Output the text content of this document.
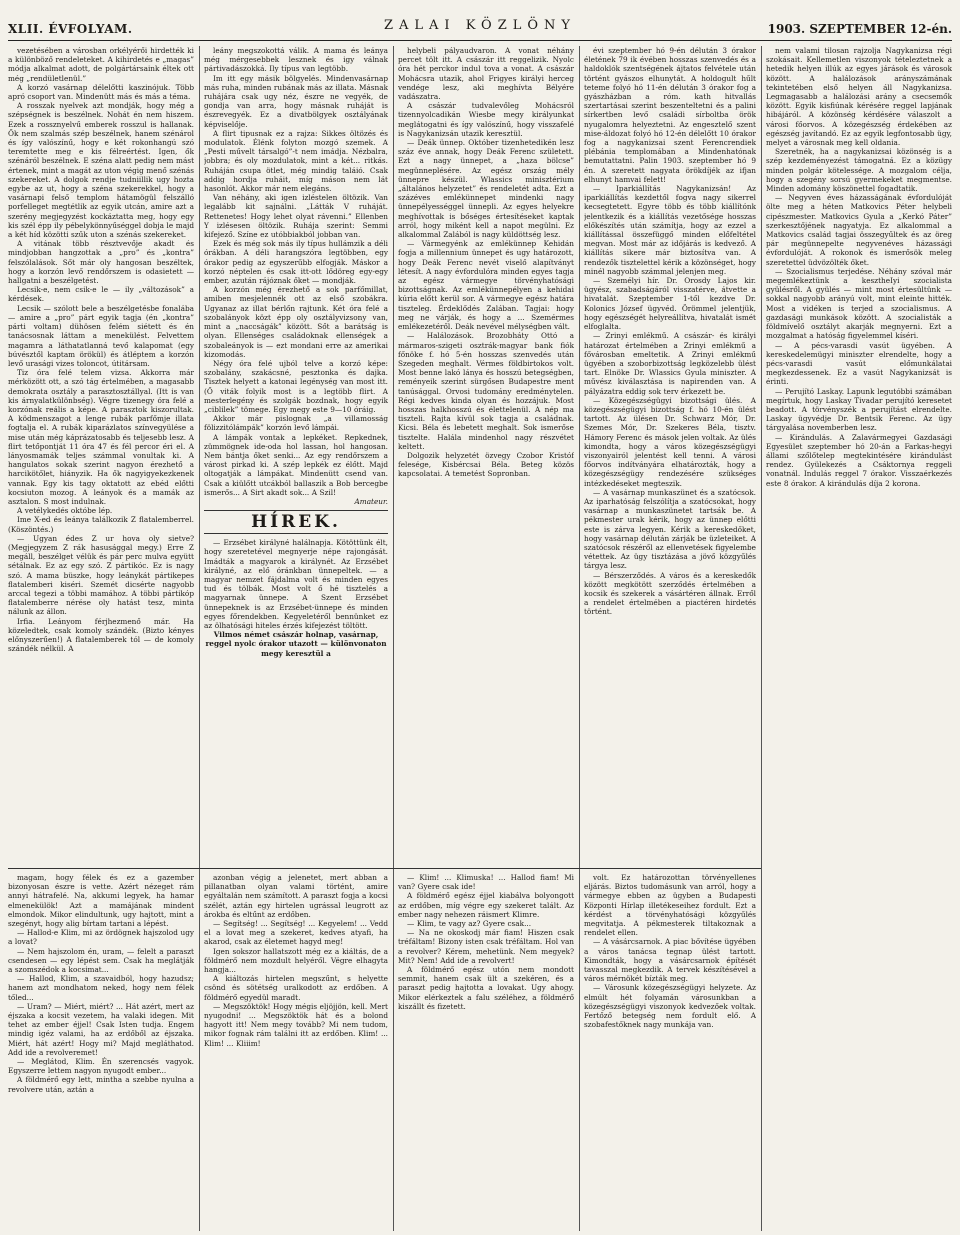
XLII. ÉVFOLYAM.	ZALAI KÖZLÖNY	1903. SZEPTEMBER 12-én.

vezetésében a városban orkélyérői hirdették ki a különböző rendeleteket. A kihirdetés e „magas” módja alkalmat adott, de polgártársaink éltek ott még „rendületlenül.”

A korzó vasárnap délelőtti kaszinójuk. Több apró csoport van. Mindenütt más és más a téma.

A rosszak nyelvek azt mondják, hogy még a szépségnek is beszélnek. Nohát én nem hiszem. Ezek a rossznyelvű emberek rosszul is hallanak. Ők nem szalmás szép beszélnek, hanem szénárol és így valószínű, hogy e két rokonhangú szó teremtette meg e kis félreértést. Igen, ők szénáról beszélnek. E széna alatt pedig nem mást értenek, mint a magát az uton végig menő szénás szekereket. A dolgok rendje tudniillik ugy hozta egybe az ut, hogy a széna szekerekkel, hogy a vasárnapi felső templom hátamögül felszálló porfelleget megtétlik az egyik utcán, amire azt a szerény megjegyzést kockáztatta meg, hogy egy kis szél épp ily pébelykönnyűséggel dobja le majd a két híd közötti szűk uton a szénás szekereket.

A vitának több résztvevője akadt és mindjobban hangzottak a „pro” és „kontra” felszólalások. Sőt már oly hangosan beszéltek, hogy a korzón levő rendőrszem is odasietett — hallgatni a beszélgetést.

Lecsik-e, nem csik-e le — ily „változások” a kérdések.

Lecsik — szólott bele a beszélgetésbe fonalába — amire a „pro” párt egyik tagja (én „kontra” párti voltam) dühösen felém siétett és én tanácsosnak láttam a menekülést. Felvettem magamra a láthatatlanná tevő kalapomat (egy búvésztől kaptam örökül) és átléptem a korzón levő urasági vizes toloncot, útitársam.

Tiz óra felé telem vizsa. Akkorra már mérközött ott, a szó tág értelmében, a magasabb demokrata osztály a parasztosztállyal. (Itt is van kis árnyalatkülönbség). Végre tizenegy óra felé a korzónak reális a képe. A parasztok kiszorultak. A ködmenszagot a lenge rubák parfőmje illata fogtalja el. A rubák kiparázlatos színvegyülése a mise után még káprázatosabb és teljesebb lesz. A flirt tetőpontját 11 óra 47 és fél percor éri el. A lányosmamák teljes számmal vonultak ki. A hangulatos sokak szerint nagyon érezhető a harcikötőlet, hiányzik. Ha ők nagyigyekezkenek vannak. Egy kis tagy oktatott az ebéd előtti kocsiuton mozog. A leányok és a mamák az asztalon. S most indulnak.

A vetélykedés októbe lép.

Ime X-ed és leánya találkozik Z flatalemberrel. (Köszöntés.)

— Ugyan édes Z ur hova oly sietve? (Megjegyzem Z rák hasusággal megy.) Erre Z megáll, beszélget vélük és pár perc mulva együtt sétálnak. Ez az egy szó. Z pártikóc. Ez is nagy szó. A mama büszke, hogy leánykát pártikepes flatalemberi kiséri. Szemét dicsérte nagyobb arccal tegezi a többi mamához. A többi pártikóp flatalemberre nérése oly hatást tesz, minta nálunk az állon.

Irfia. Leányom férjhezmenő már. Ha közeledtek, csak komoly szándék. (Bizto kényes előnyszerűen!) A flatalemberek tól — de komoly szándék nélkül. A

leány megszokottá válik. A mama és leánya még mérgesebbek lesznek és igy válnak pártivadászokká. Ily típus van legtöbb.

Im itt egy másik bölgyelés. Mindenvasárnap más ruha, minden rubának más az illata. Másnak ruhájára csak ugy néz, észre ne vegyék, de gondja van arra, hogy másnak ruháját is észrevegyék. Ez a divatbölgyek osztályának képviselője.

A flirt tipusnak ez a rajza: Sikkes öltözés és modulatok. Élénk folyton mozgó szemek. A „Pesti művelt társalgó”-t nem imádja. Nézbalra, jobbra; és oly mozdulatok, mint a két... ritkás. Ruháján csupa ötlet, még mindig taláió. Csak addig hordja ruháit, míg máson nem lát hasonlót. Akkor már nem elegáns.

Van néhány, aki igen izléstelen öltözik. Van legalább kit sajnálni. „Látták V ruháját. Rettenetes! Hogy lehet olyat rávenni.” Ellenben Y izlésesen öltözik. Ruhája szerint: Semmi kifejező. Színe ez utóbbiakból jobban van.

Ezek és még sok más ily típus hullámzik a déli órákban. A déli harangszóra legtöbben, egy órakor pedig az egyszerűbb elfogják. Máskor a korzó néptelen és csak itt-ott lődöreg egy-egy ember, azután rájóznak őket — mondják.

A korzón még érezhető a sok parfőmillat, amiben mesjelennék ott az első szobákra. Ugyanaz az illat bérlőn rajtunk. Két óra felé a szobalányok közt épp oly osztályvizsony van, mint a „naccságák” között. Sőt a barátság is olyan. Ellenséges családoknak ellenségek a szobaleányok is — ezt mondani erre az amerikai kizomodás.

Négy óra felé ujból telve a korzó képe: szobalány, szakácsné, pesztonka és dajka. Tisztek helyett a katonai legénység van most itt. (Ő viták folyik most is a legtöbb flirt. A mesterlegény és szolgák bozdnak, hogy egyik „ciblilek” tömege. Egy megy este 9—10 óráig.

Akkor már pislognak „a villamosság fölizzitólámpák” korzón levő lámpái.

A lámpák vontak a lepkéket. Repkednek, zümmögnek ide-oda hol lassan, hol hangosan. Nem bántja őket senki... Az egy rendőrszem a várost pirkad ki. A szép lepkék ez élőtt. Majd oltogatják a lámpákat. Mindenütt csend van. Csak a kiülőtt utcákból ballaszik a Bob bercegbe ismerős... A Sirt akadt sok... A Szil!

Amateur.

HÍREK.

— Erzsébet királyné halálnapja. Kötöttünk élt, hogy szeretetével megnyerje népe rajongását. Imádták a magyarok a királynét. Az Erzsébet királyné, az elő óránkban ünnepeltek. — a magyar nemzet fájdalma volt és minden egyes tud és tölbák. Most volt ő hé tisztelés a magyarnak ünnepe. A Szent Erzsébet ünnepeknek is az Erzsébet-ünnepe és minden egyes főrendekben. Kegyeletéről bennünket ez az ölhatósági hiteles érzés kifejezést töltött.

Vilmos német császár holnap, vasárnap, reggel nyolc órakor utazott — különvonaton megy keresztül a

helybeli pályaudvaron. A vonat néhány percet tölt itt. A császár itt reggelizik. Nyolc óra hét perckor indul tova a vonat. A császár Mohácsra utazik, ahol Frigyes királyi herceg vendége lesz, aki meghívta Bélyére vadászatra.

A császár tudvalevőleg Mohácsról tizennyolcadikán Wiesbe megy királyunkat meglátogatni és így valószínű, hogy visszafelé is Nagykanizsán utazik keresztül.

— Deák ünnep. Október tizenhetedikén lesz száz éve annak, hogy Deák Ferenc született. Ezt a nagy ünnepet, a „haza bölcse” megünneplésére. Az egész ország mély ünnepre készül. Wlassics minisztérium „általános helyzetet” és rendeletét adta. Ezt a százéves emlékünnepet mindenki nagy ünnepélyességgel ünnepli. Az egyes helyekre meghívottak is bőséges értesítéseket kaptak arról, hogy miként kell a napot megülni. Ez alkalommal Zalából is nagy küldöttség lesz.

— Vármegyénk az emlékünnep Kehidán fogja a millennium ünnepet és ugy határozott, hogy Deák Ferenc nevét viselő alapítványt létesít. A nagy évfordulóra minden egyes tagja az egész vármegye törvényhatósági bizottságnak. Az emlékünnepélyen a kehidai kúria előtt kerül sor. A vármegye egész határa tiszteleg. Érdeklődés Zalában. Tagjai: hogy meg ne várják, és hogy a ... Szemérmes emlékezetéről. Deák nevével mélységben vált.

— Halálozások. Brozobháty Ottó a mármaros-szigeti osztrák-magyar bank fiók főnöke f. hó 5-én hosszas szenvedés után Szegeden meghalt. Vérmes földbirtokos volt. Most benne lakó lánya és hosszú betegségben, reményeik szerint sürgősen Budapestre ment tanúsággal. Orvosi tudomány eredménytelen. Régi kedves kinda olyan és hozzájuk. Most hosszas halkhosszú és élettelenül. A nép ma tiszteli. Rajta kívül sok tagja a családnak. Kicsi. Béla és lebetett meghalt. Sok ismerőse tisztelte. Halála mindenhol nagy részvétet keltett.

Dolgozik helyzetét özvegy Czobor Kristóf felesége, Kisbércsai Béla. Beteg közös kapcsolatai. A temetést Sopronban.

évi szeptember hó 9-én délután 3 órakor életének 79 ik évében hosszas szenvedés és a haldoklók szentségének ájtatos felvétele után történt gyászos elhunytát. A holdogult hűlt teteme folyó hó 11-én délután 3 órakor fog a gyászházban a róm. kath hitvallás szertartásai szerint beszenteltetni és a palini sírkertben levő családi sírboltba örök nyugalomra helyeztetni. Az engesztelő szent mise-áldozat folyó hó 12-én délelőtt 10 órakor fog a nagykanizsai szent Ferencrendiek plébánia templomában a Mindenhatónak bemutattatni. Palin 1903. szeptember hó 9 én. A szeretett nagyata örökdíjék az ifjan elhunyt hamvai felett!

— Iparkiállítás Nagykanizsán! Az iparkiállítás kezdettől fogva nagy sikerrel kecsegtetett. Egyre több és több kiállítónk jelentkezik és a kiállítás vezetősége hosszas előkészítés után számítja, hogy az ezzel a kiállítással összefüggő minden előfeltétel megvan. Most már az időjárás is kedvező. A kiállítás sikere már biztosítva van. A rendezők tisztelettel kérik a közönséget, hogy minél nagyobb számmal jelenjen meg.

— Személyi hír. Dr. Orosdy Lajos kir. ügyész, szabadságáról visszatérve, átvette a hivatalát. Szeptember 1-től kezdve Dr. Kolonics József ügyvéd. Örömmel jelentjük, hogy egészségét helyreállítva, hivatalát ismét elfoglalta.

— Zrinyi emlékmű. A császár- és királyi határozat értelmében a Zrinyi emlékmű a fővárosban emeltetik. A Zrinyi emlékmű ügyében a szoborbizottság legközelebb ülést tart. Elnöke Dr. Wlassics Gyula miniszter. A művész kiválasztása is napirenden van. A pályázatra eddig sok terv érkezett be.

— Közegészségügyi bizottsági ülés. A közegészségügyi bizottság f. hó 10-én ülést tartott. Az ülésen Dr. Schwarz Mór, Dr. Szemes Mór, Dr. Szekeres Béla, tisztv. Hámory Ferenc és mások jelen voltak. Az ülés kimondta, hogy a város közegészségügyi viszonyairól jelentést kell tenni. A városi főorvos indítványára elhatározták, hogy a közegészségügy rendezésére szükséges intézkedéseket megteszik.

— A vasárnap munkaszünet és a szatócsok. Az iparhatóság felszólítja a szatócsokat, hogy vasárnap a munkaszünetet tartsák be. A pékmester urak kérik, hogy az ünnep előtti este is zárva legyen. Kérik a kereskedőket, hogy vasárnap délután zárják be üzleteiket. A szatócsok részéről az ellenvetések figyelembe vétettek. Az ügy tisztázása a jövő közgyűlés tárgya lesz.

— Bérszerződés. A város és a kereskedők között megkötött szerződés értelmében a kocsik és szekerek a vásártéren állnak. Erről a rendelet értelmében a piactéren hirdetés történt.

nem valami tilosan rajzolja Nagykanizsa régi szokásait. Kellemetlen viszonyok tételeztetnek a hetedik helyen illúk az egyes járások és városok között. A halálozások arányszámának tekintetében első helyen áll Nagykanizsa. Legmagasabb a halálozási arány a csecsemők között. Egyik kisfiúnak kérésére reggel lapjának hibájáról. A közönség kérdésére válaszolt a városi főorvos. A közegészség érdekében az egészség javítandó. Ez az egyik legfontosabb ügy, melyet a városnak meg kell oldania.

Szeretnék, ha a nagykanizsai közönség is a szép kezdeményezést támogatná. Ez a közügy minden polgár kötelessége. A mozgalom célja, hogy a szegény sorsú gyermekeket megmentse. Minden adomány köszönettel fogadtatik.

— Negyven éves házasságának évfordulóját ölte meg a héten Matkovics Péter helybeli cipészmester. Matkovics Gyula a „Kerkó Páter” szerkesztőjének nagyatyja. Ez alkalommal a Matkovics család tagjai összegyűltek és az öreg pár megünnepelte negyvenéves házassági évfordulóját. A rokonok és ismerősök meleg szeretettel üdvözölték őket.

— Szocialismus terjedése. Néhány szóval már megemlékeztünk a kesztheIyi szocialista gyülésről. A gyülés — mint most értesültünk — sokkal nagyobb arányú volt, mint eleinte hitték. Most a vidéken is terjed a szocialismus. A gazdasági munkások között. A szocialisták a földmívelő osztályt akarják megnyerni. Ezt a mozgalmat a hatóság figyelemmel kíséri.

— A pécs-varasdi vasút ügyében. A kereskedelemügyi miniszter elrendelte, hogy a pécs-varasdi vasút előmunkálatai megkezdessenek. Ez a vasút Nagykanizsát is érinti.

— Perujító Laskay. Lapunk legutóbbi számában megírtuk, hogy Laskay Tivadar perujító keresetet beadott. A törvényszék a perujítást elrendelte. Laskay ügyvédje Dr. Bentsik Ferenc. Az ügy tárgyalása novemberben lesz.

— Kirándulás. A Zalavármegyei Gazdasági Egyesület szeptember hó 20-án a Farkas-hegyi állami szőlőtelep megtekintésére kirándulást rendez. Gyülekezés a Csáktornya reggeli vonatnál. Indulás reggel 7 órakor. Visszaérkezés este 8 órakor. A kirándulás díja 2 korona.

magam, hogy félek és ez a gazember bizonyosan észre is vette. Azért nézeget rám annyi hátrafelé. Na, akkumi legyek, ha hamar elmenekülök! Azt a mamájának mindent elmondok. Mikor elindultunk, ugy hajtott, mint a szegényt, hogy alig bírtam tartani a lépést.

— Hallod-e Klim, mi az ördögnek hajszolod ugy a lovat?

— Nem hajszolom én, uram, — felelt a paraszt csendesen — egy lépést sem. Csak ha meglátják a szomszédok a kocsimat...

— Hallod, Klim, a szavaidból, hogy hazudsz; hanem azt mondhatom neked, hogy nem félek tőled...

— Uram? — Miért, miért? ... Hát azért, mert az éjszaka a kocsit vezetem, ha valaki idegen. Mit tehet az ember éjjel! Csak Isten tudja. Engem mindig igéz valami, ha az erdőből az éjszaka. Miért, hát azért! Hogy mi? Majd megláthatod. Add ide a revolveremet!

— Meglátod, Klim. Én szerencsés vagyok. Egyszerre lettem nagyon nyugodt ember...

A földmérő egy lett, mintha a szebbe nyulna a revolvere után, aztán a

azonban végig a jelenetet, mert abban a pillanatban olyan valami történt, amire egyáltalán nem számított. A paraszt fogja a kocsi szélét, aztán egy hirtelen ugrással leugrott az árokba és eltűnt az erdőben.

— Segítség! ... Segítség! ... Kegyelem! ... Vedd el a lovat meg a szekeret, kedves atyafi, ha akarod, csak az életemet hagyd meg!

Igen sokszor hallatszott még ez a kiáltás, de a földmérő nem mozdult helyéről. Végre elhagyta hangja...

A kiáltozás hirtelen megszűnt, s helyette csönd és sötétség uralkodott az erdőben. A földmérő egyedül maradt.

— Megszöktök! Hogy mégis eljöjjön, kell. Mert nyugodni! ... Megszöktök hát és a bolond hagyott itt! Nem megy tovább? Mi nem tudom, mikor fognak rám találni itt az erdőben. Klim! ... Klim! ... Kliiim!

— Klim! ... Klimuska! ... Hallod fiam! Mi van? Gyere csak ide!

A földmérő egész éjjel kiabálva bolyongott az erdőben, míg végre egy szekeret talált. Az ember nagy nehezen ráismert Klimre.

— Klim, te vagy az? Gyere csak...

— Na ne okoskodj már fiam! Hiszen csak tréfáltam! Bizony isten csak tréfáltam. Hol van a revolver? Kérem, mehetünk. Nem megyek? Mit? Nem! Add ide a revolvert!

A földmérő egész utón nem mondott semmit, hanem csak ült a szekéren, és a paraszt pedig hajtotta a lovakat. Ugy ahogy. Mikor elérkeztek a falu széléhez, a földmérő kiszállt és fizetett.

volt. Ez határozottan törvényellenes eljárás. Biztos tudomásunk van arról, hogy a vármegye ebben az ügyben a Budapesti Központi Hírlap illetékeseihez fordult. Ezt a kérdést a törvényhatósági közgyűlés megvitatja. A pékmesterek tiltakoznak a rendelet ellen.

— A vásárcsarnok. A piac bővítése ügyében a város tanácsa tegnap ülést tartott. Kimondták, hogy a vásárcsarnok építését tavasszal megkezdik. A tervek készítésével a város mérnökét bízták meg.

— Városunk közegészségügyi helyzete. Az elmúlt hét folyamán városunkban a közegészségügyi viszonyok kedvezőek voltak. Fertőző betegség nem fordult elő. A szobafestőknek nagy munkája van.
